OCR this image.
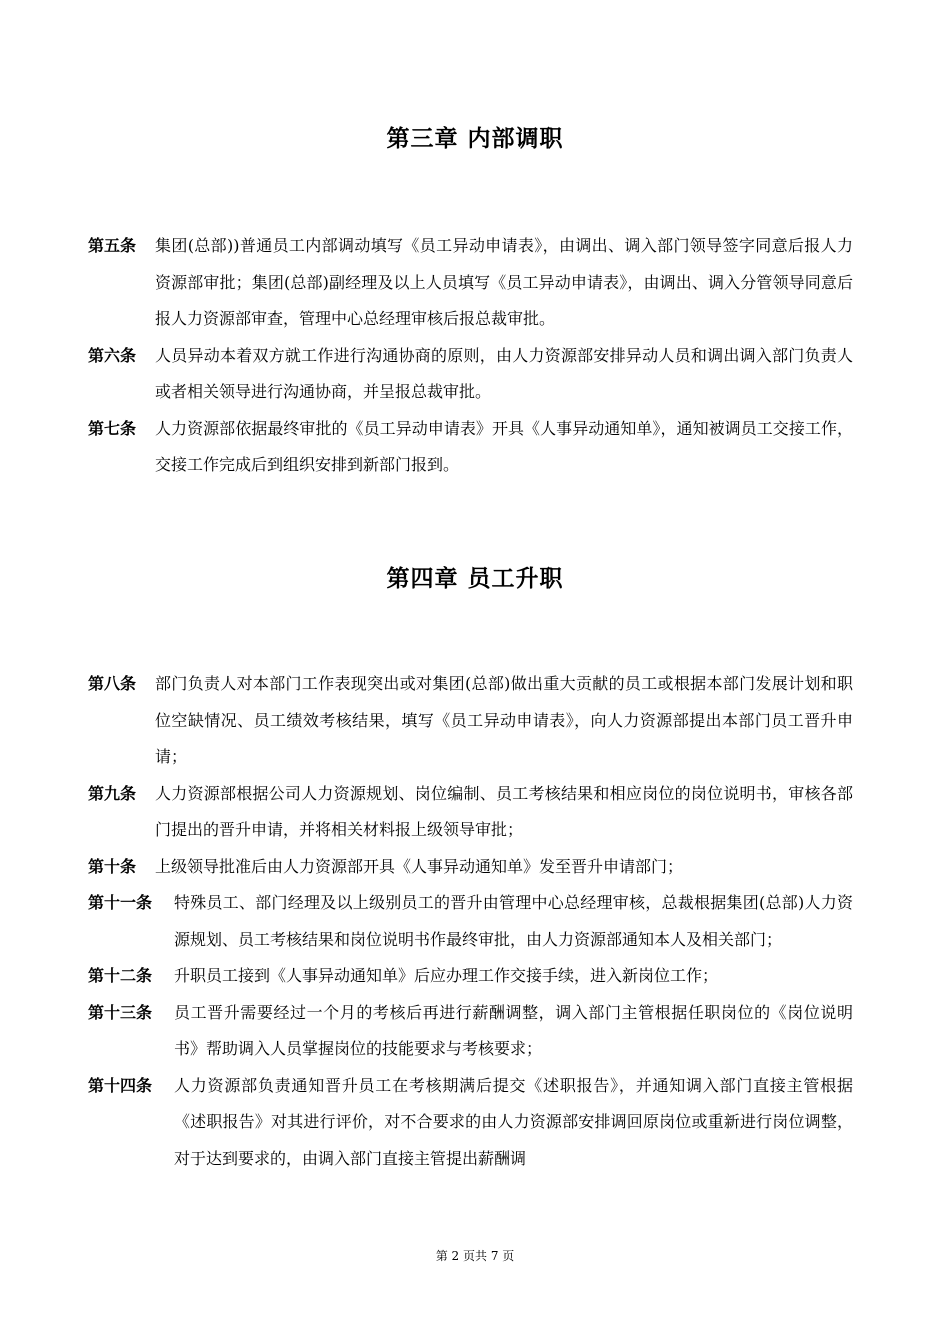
第三章 内部调职
第五条 集团(总部))普通员工内部调动填写《员工异动申请表》，由调出、调入部门领导签字同意后报人力资源部审批；集团(总部)副经理及以上人员填写《员工异动申请表》，由调出、调入分管领导同意后报人力资源部审查，管理中心总经理审核后报总裁审批。
第六条 人员异动本着双方就工作进行沟通协商的原则，由人力资源部安排异动人员和调出调入部门负责人或者相关领导进行沟通协商，并呈报总裁审批。
第七条 人力资源部依据最终审批的《员工异动申请表》开具《人事异动通知单》，通知被调员工交接工作，交接工作完成后到组织安排到新部门报到。
第四章 员工升职
第八条 部门负责人对本部门工作表现突出或对集团(总部)做出重大贡献的员工或根据本部门发展计划和职位空缺情况、员工绩效考核结果，填写《员工异动申请表》，向人力资源部提出本部门员工晋升申请；
第九条 人力资源部根据公司人力资源规划、岗位编制、员工考核结果和相应岗位的岗位说明书，审核各部门提出的晋升申请，并将相关材料报上级领导审批；
第十条 上级领导批准后由人力资源部开具《人事异动通知单》发至晋升申请部门；
第十一条 特殊员工、部门经理及以上级别员工的晋升由管理中心总经理审核，总裁根据集团(总部)人力资源规划、员工考核结果和岗位说明书作最终审批，由人力资源部通知本人及相关部门；
第十二条 升职员工接到《人事异动通知单》后应办理工作交接手续，进入新岗位工作；
第十三条 员工晋升需要经过一个月的考核后再进行薪酬调整，调入部门主管根据任职岗位的《岗位说明书》帮助调入人员掌握岗位的技能要求与考核要求；
第十四条 人力资源部负责通知晋升员工在考核期满后提交《述职报告》，并通知调入部门直接主管根据《述职报告》对其进行评价，对不合要求的由人力资源部安排调回原岗位或重新进行岗位调整，对于达到要求的，由调入部门直接主管提出薪酬调
第 2 页共 7 页
